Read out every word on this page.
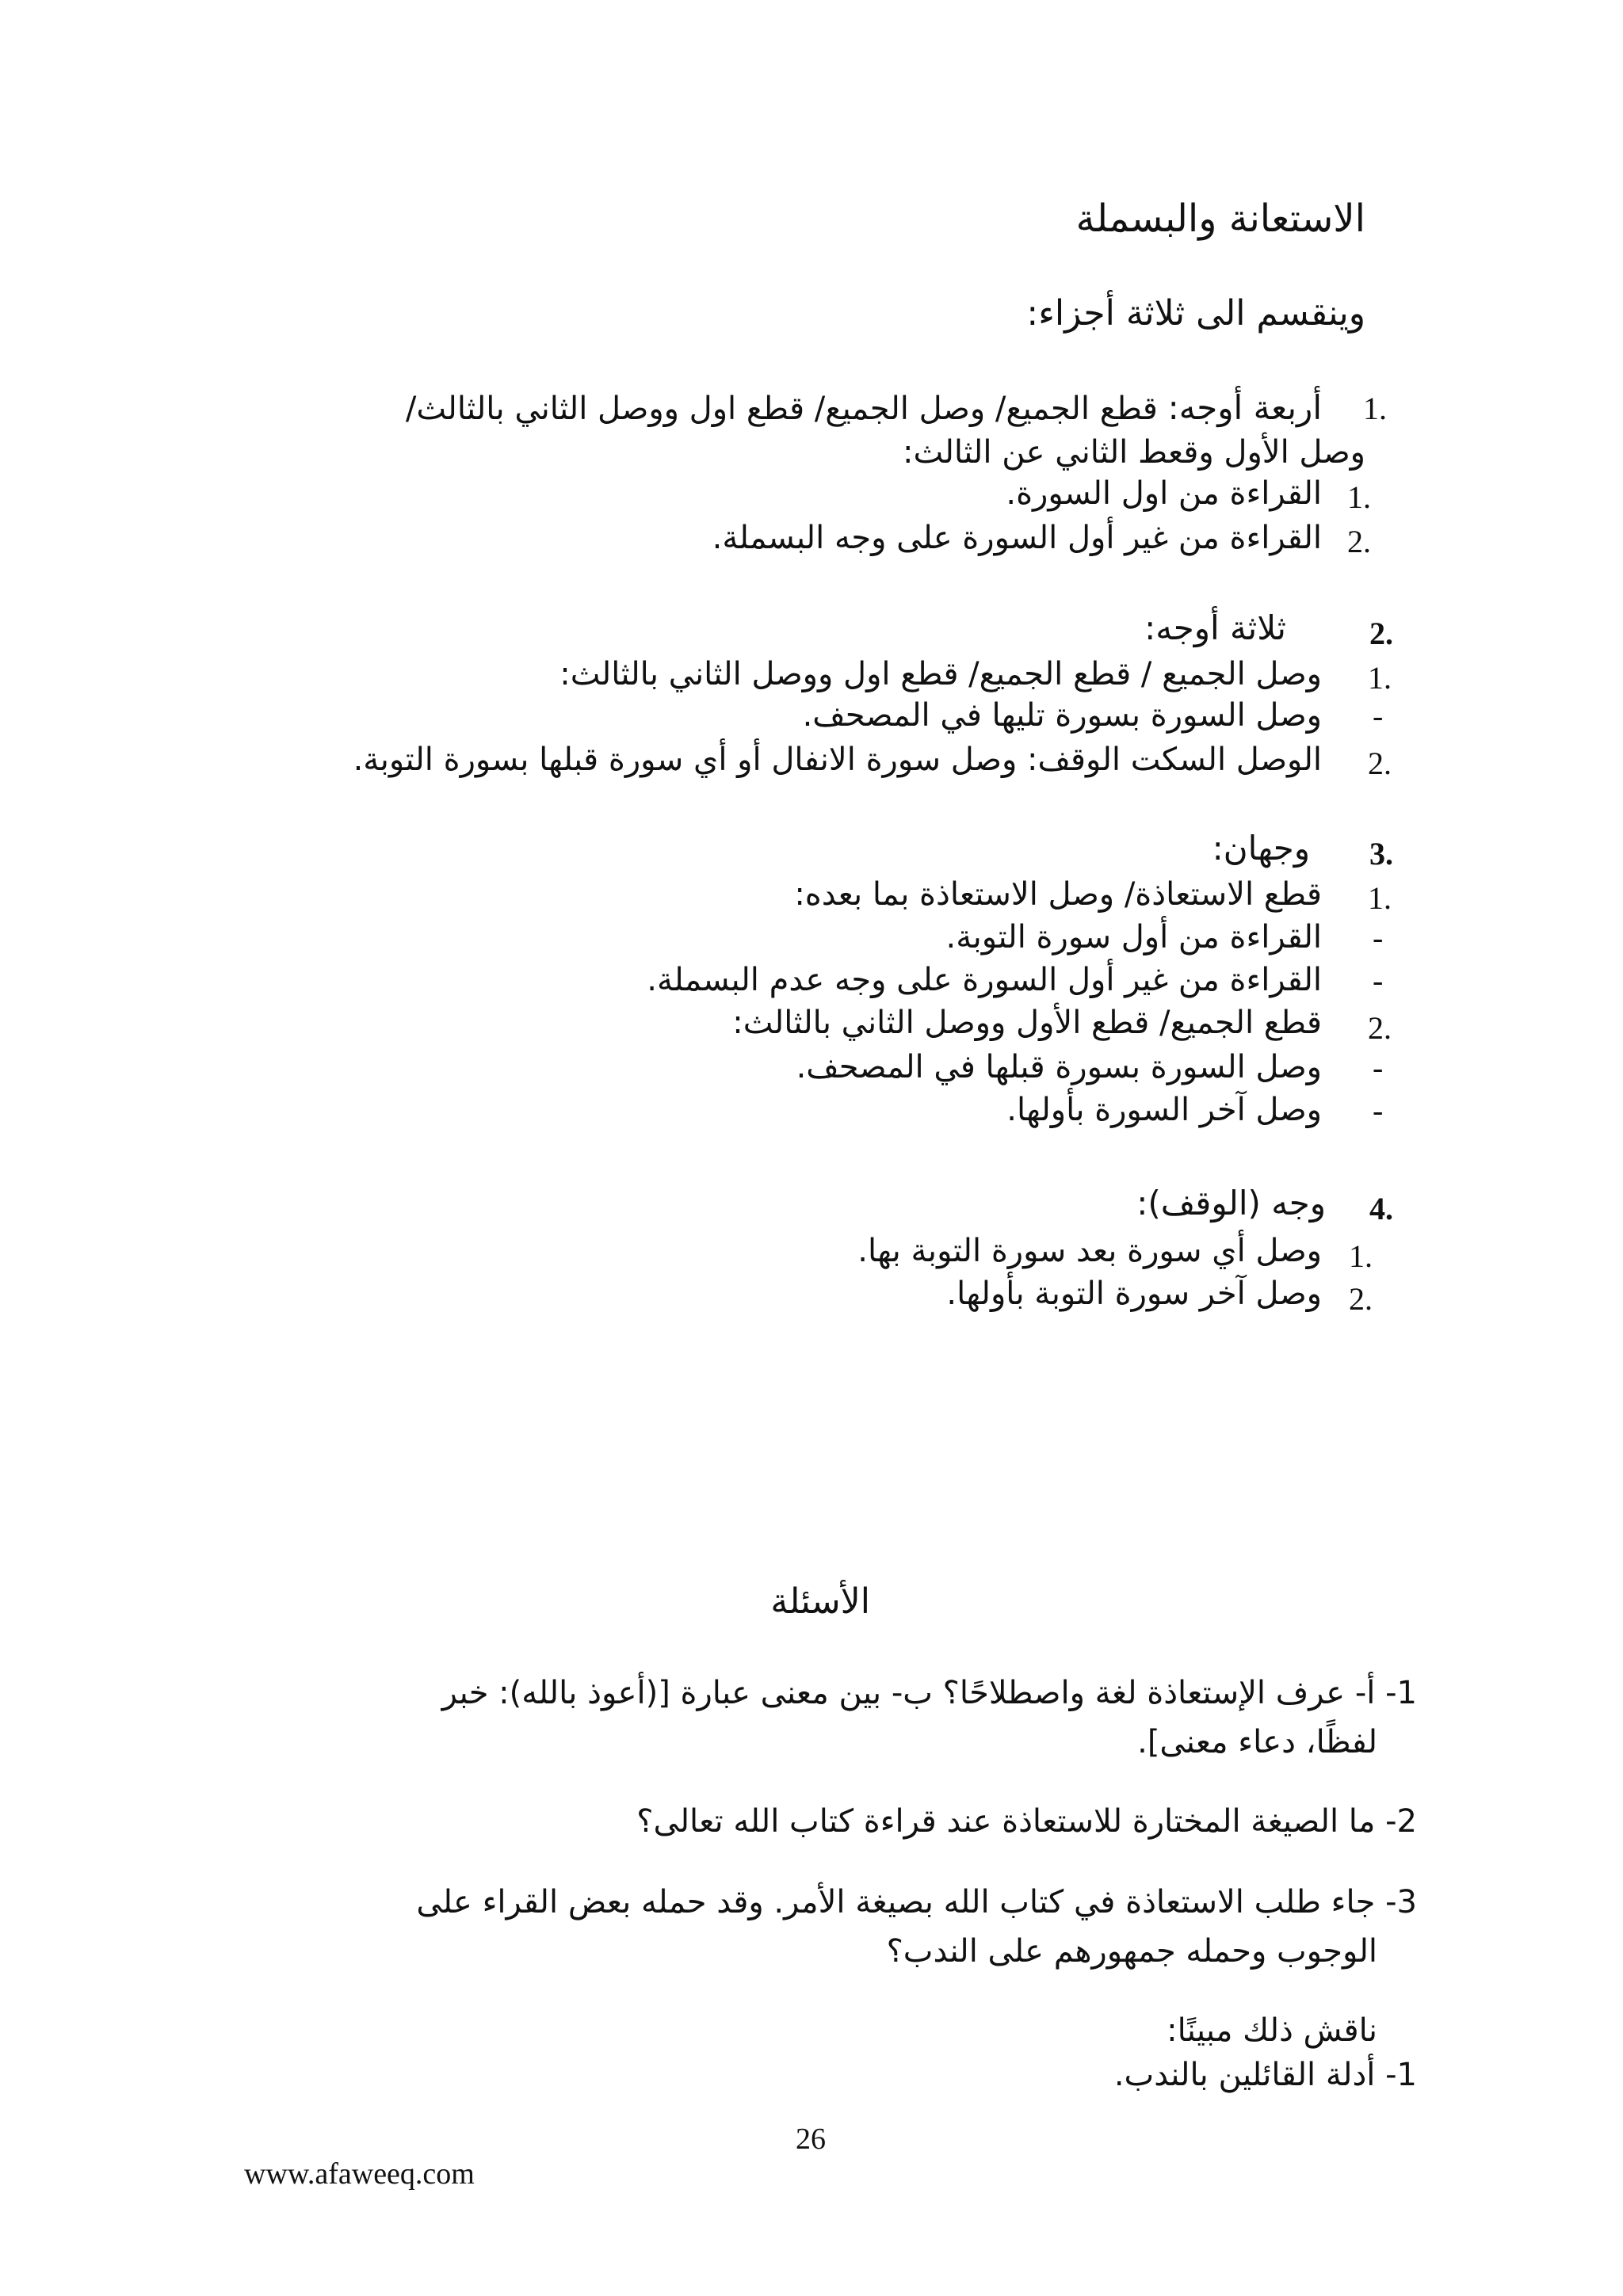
الاستعانة والبسملة
وينقسم الى ثلاثة أجزاء:
1.
أربعة أوجه: قطع الجميع/ وصل الجميع/ قطع اول ووصل الثاني بالثالث/
وصل الأول وقعط الثاني عن الثالث:
1.
القراءة من اول السورة.
2.
القراءة من غير أول السورة على وجه البسملة.
2.
ثلاثة أوجه:
1.
وصل الجميع / قطع الجميع/ قطع اول ووصل الثاني بالثالث:
-
وصل السورة بسورة تليها في المصحف.
2.
الوصل السكت الوقف: وصل سورة الانفال أو أي سورة قبلها بسورة التوبة.
3.
وجهان:
1.
قطع الاستعاذة/ وصل الاستعاذة بما بعده:
-
القراءة من أول سورة التوبة.
-
القراءة من غير أول السورة على وجه عدم البسملة.
2.
قطع الجميع/ قطع الأول ووصل الثاني بالثالث:
-
وصل السورة بسورة قبلها في المصحف.
-
وصل آخر السورة بأولها.
4.
وجه (الوقف):
1.
وصل أي سورة بعد سورة التوبة بها.
2.
وصل آخر سورة التوبة بأولها.
الأسئلة
1- أ- عرف الإستعاذة لغة واصطلاحًا؟ ب- بين معنى عبارة [(أعوذ بالله): خبر
لفظًا، دعاء معنى].
2- ما الصيغة المختارة للاستعاذة عند قراءة كتاب الله تعالى؟
3- جاء طلب الاستعاذة في كتاب الله بصيغة الأمر. وقد حمله بعض القراء على
الوجوب وحمله جمهورهم على الندب؟
ناقش ذلك مبينًا:
1- أدلة القائلين بالندب.
26
www.afaweeq.com
